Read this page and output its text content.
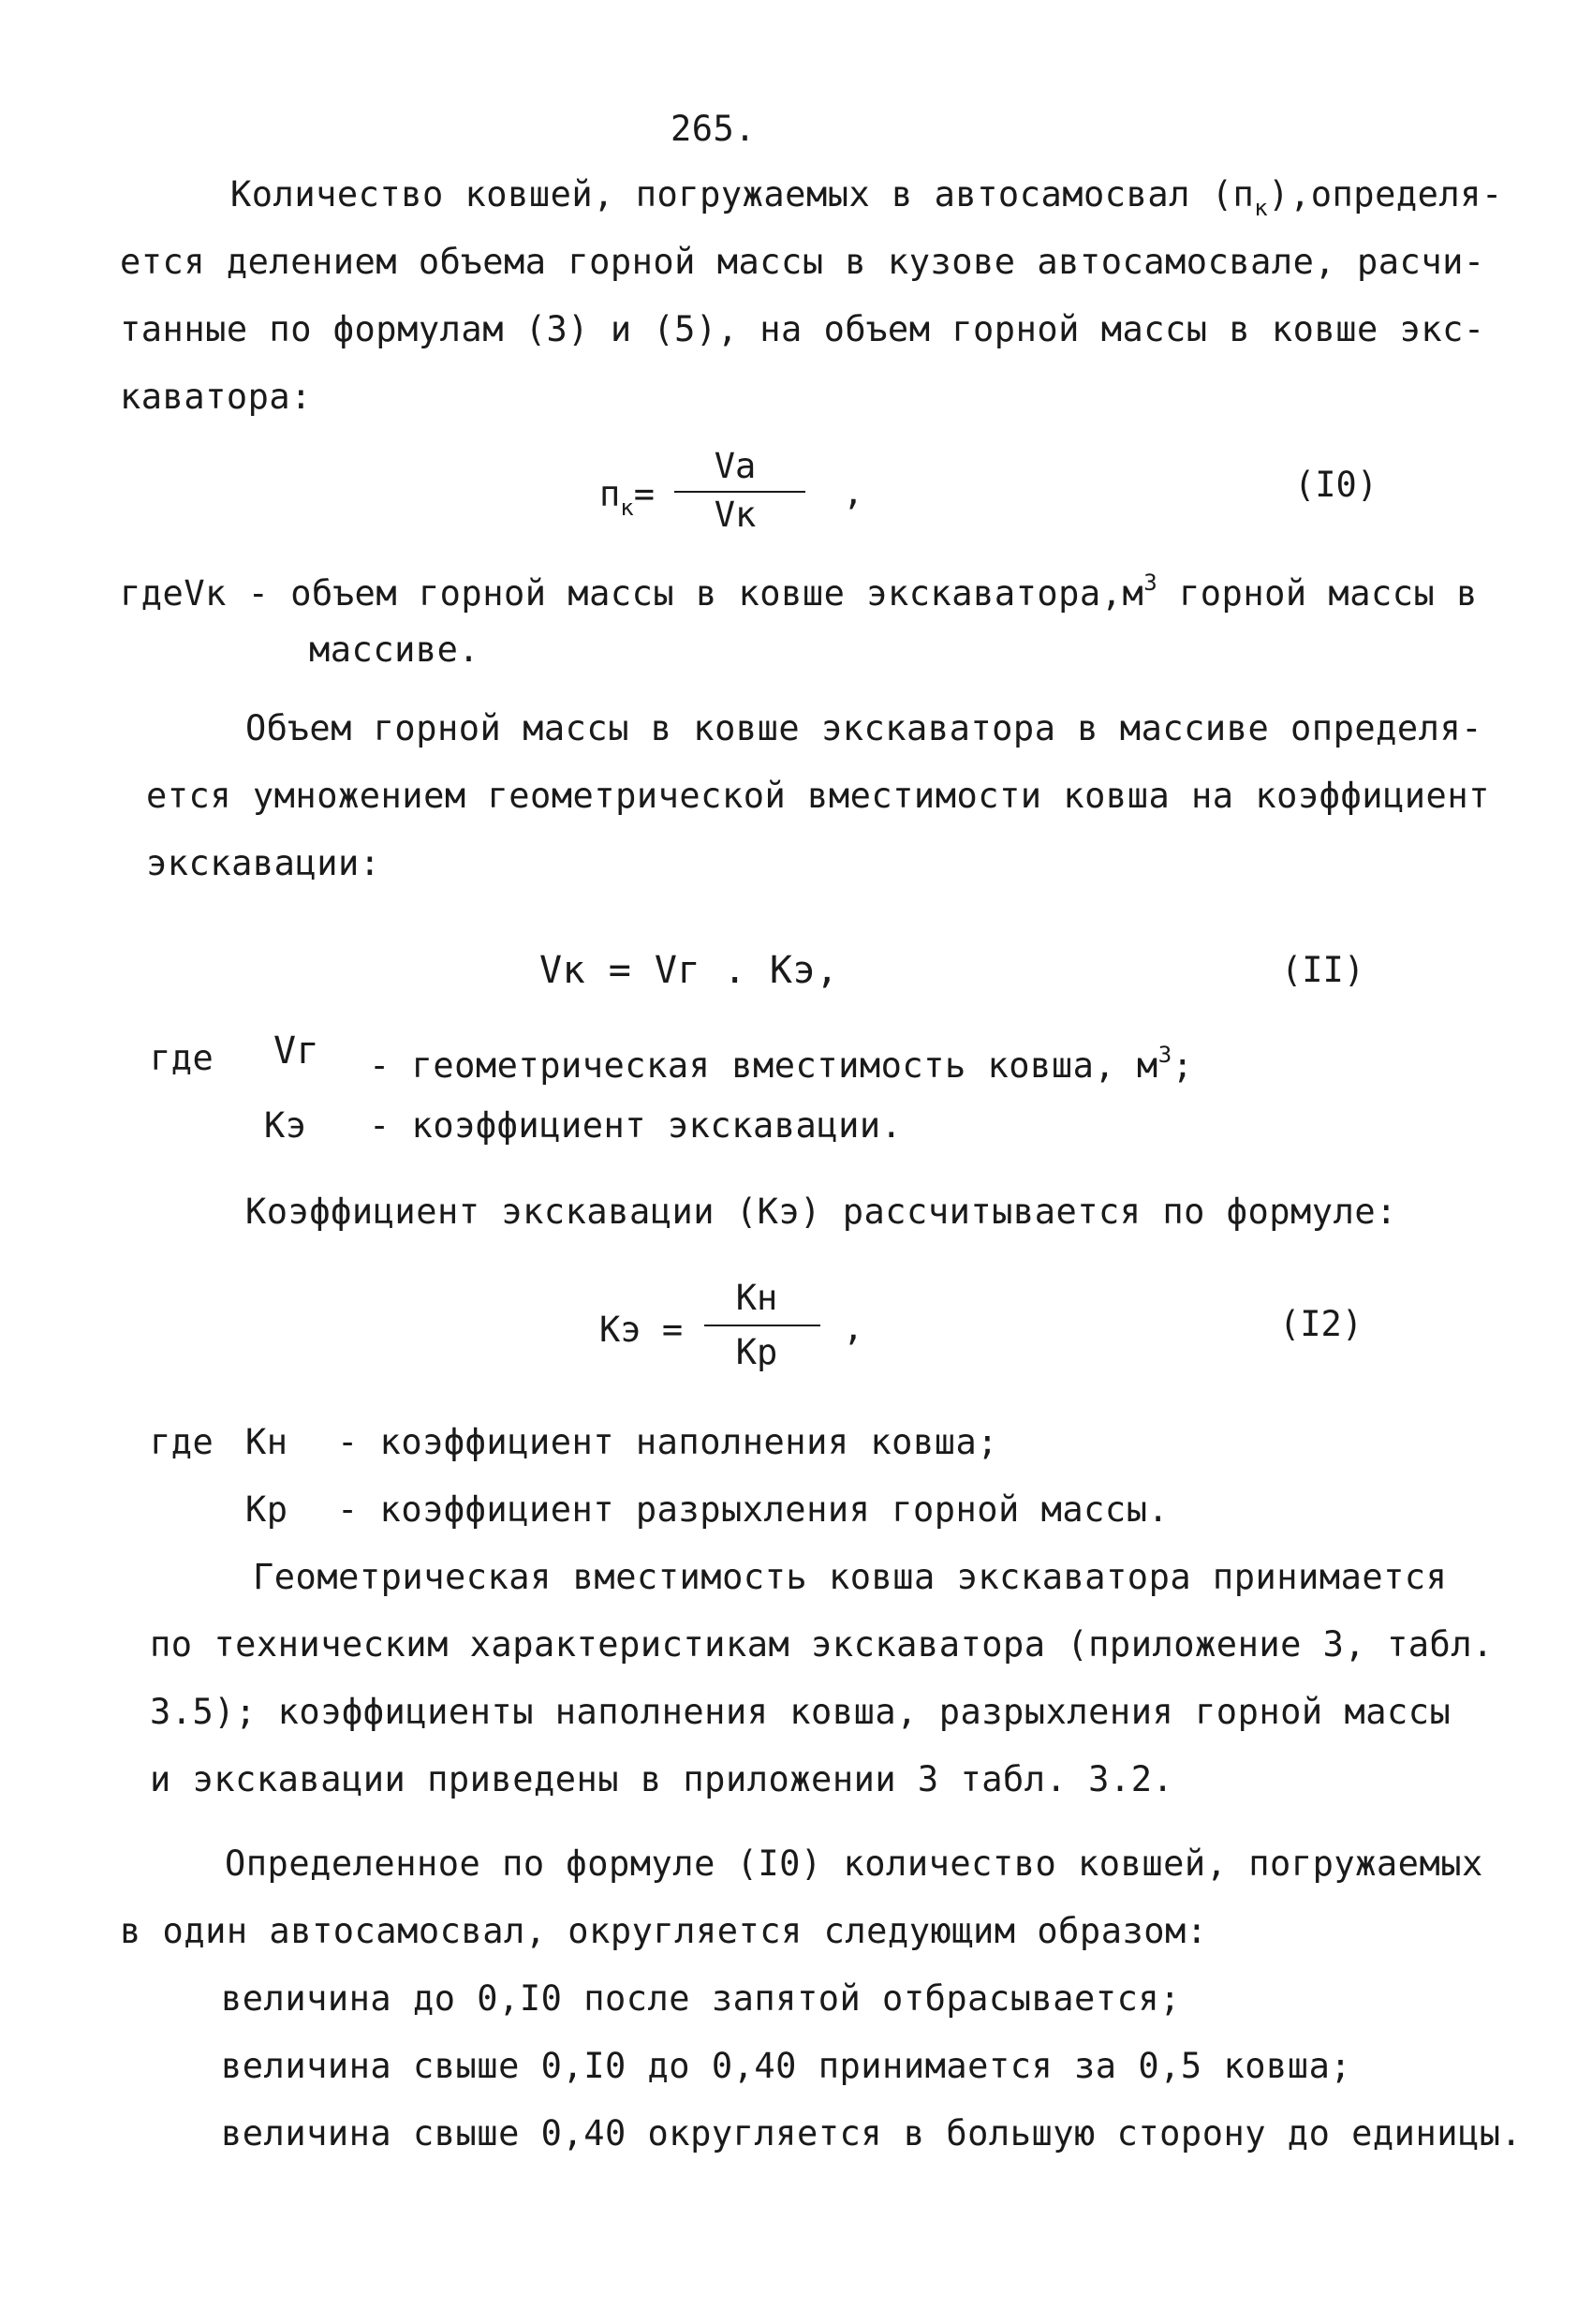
265.
Количество ковшей, погружаемых в автосамосвал $(п_к),определя-$
ется делением объема горной массы в кузове автосамосвале, расчи-
танные по формулам (3) и (5), на объем горной массы в ковше экс-
каватора:
$п_к=$
Va
Vк
,	(I0)
гдеVк - объем горной массы в ковше $экскаватора,м^3$ горной массы в
массиве.
Объем горной массы в ковше экскаватора в массиве определя-
ется умножением геометрической вместимости ковша на коэффициент
экскавации:
Vк = Vг . Кэ,	(II)
где Vг - геометрическая вместимость ковша, $м^3$;
Кэ - коэффициент экскавации.
Коэффициент экскавации (Кэ) рассчитывается по формуле:
Кэ =
Кн
Кр
,	(I2)
где Кн - коэффициент наполнения ковша;
Кр - коэффициент разрыхления горной массы.
Геометрическая вместимость ковша экскаватора принимается
по техническим характеристикам экскаватора (приложение 3, табл.
3.5); коэффициенты наполнения ковша, разрыхления горной массы
и экскавации приведены в приложении 3 табл. 3.2.
Определенное по формуле (I0) количество ковшей, погружаемых
в один автосамосвал, округляется следующим образом:
величина до 0,I0 после запятой отбрасывается;
величина свыше 0,I0 до 0,40 принимается за 0,5 ковша;
величина свыше 0,40 округляется в большую сторону до единицы.
